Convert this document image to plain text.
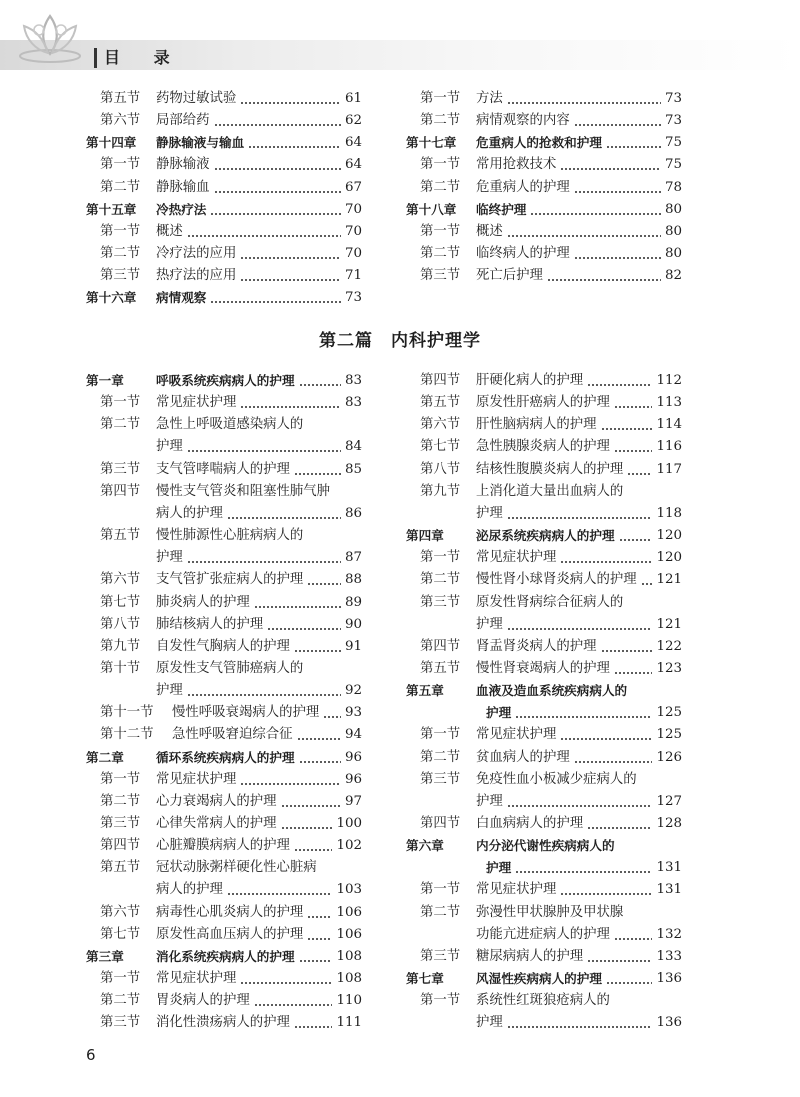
目 录
第五节 药物过敏试验	61
第六节 局部给药	62
第十四章 静脉输液与输血	64
第一节 静脉输液	64
第二节 静脉输血	67
第十五章 冷热疗法	70
第一节 概述	70
第二节 冷疗法的应用	70
第三节 热疗法的应用	71
第十六章 病情观察	73
第一节 方法	73
第二节 病情观察的内容	73
第十七章 危重病人的抢救和护理	75
第一节 常用抢救技术	75
第二节 危重病人的护理	78
第十八章 临终护理	80
第一节 概述	80
第二节 临终病人的护理	80
第三节 死亡后护理	82
第一章	呼吸系统疾病病人的护理	83
第一节 常见症状护理	83
第二节 急性上呼吸道感染病人的
护理	84
第三节 支气管哮喘病人的护理	85
第四节 慢性支气管炎和阻塞性肺气肿
病人的护理	86
第五节 慢性肺源性心脏病病人的
护理	87
第六节 支气管扩张症病人的护理	88
第七节 肺炎病人的护理	89
第八节 肺结核病人的护理	90
第九节 自发性气胸病人的护理	91
第十节 原发性支气管肺癌病人的
护理	92
第十一节 慢性呼吸衰竭病人的护理 93
第十二节 急性呼吸窘迫综合征	94
第二章	循环系统疾病病人的护理	96
第一节 常见症状护理	96
第二节 心力衰竭病人的护理	97
第三节 心律失常病人的护理	100
第四节 心脏瓣膜病病人的护理	102
第五节 冠状动脉粥样硬化性心脏病
病人的护理	103
第六节 病毒性心肌炎病人的护理 106
第七节 原发性高血压病人的护理 106
第三章	消化系统疾病病人的护理	108
第一节 常见症状护理	108
第二节 胃炎病人的护理	110
第三节 消化性溃疡病人的护理	111
第四节 肝硬化病人的护理	112
第五节 原发性肝癌病人的护理	113
第六节 肝性脑病病人的护理	114
第七节 急性胰腺炎病人的护理	116
第八节 结核性腹膜炎病人的护理 117
第九节 上消化道大量出血病人的
护理	118
第四章	泌尿系统疾病病人的护理	120
第一节 常见症状护理	120
第二节 慢性肾小球肾炎病人的护理 121
第三节 原发性肾病综合征病人的
护理	121
第四节 肾盂肾炎病人的护理	122
第五节 慢性肾衰竭病人的护理	123
第五章	血液及造血系统疾病病人的
护理	125
第一节 常见症状护理	125
第二节 贫血病人的护理	126
第三节 免疫性血小板减少症病人的
护理	127
第四节 白血病病人的护理	128
第六章	内分泌代谢性疾病病人的
护理	131
第一节 常见症状护理	131
第二节 弥漫性甲状腺肿及甲状腺
功能亢进症病人的护理	132
第三节 糖尿病病人的护理	133
第七章	风湿性疾病病人的护理	136
第一节 系统性红斑狼疮病人的
护理	136
第二篇　内科护理学
6
